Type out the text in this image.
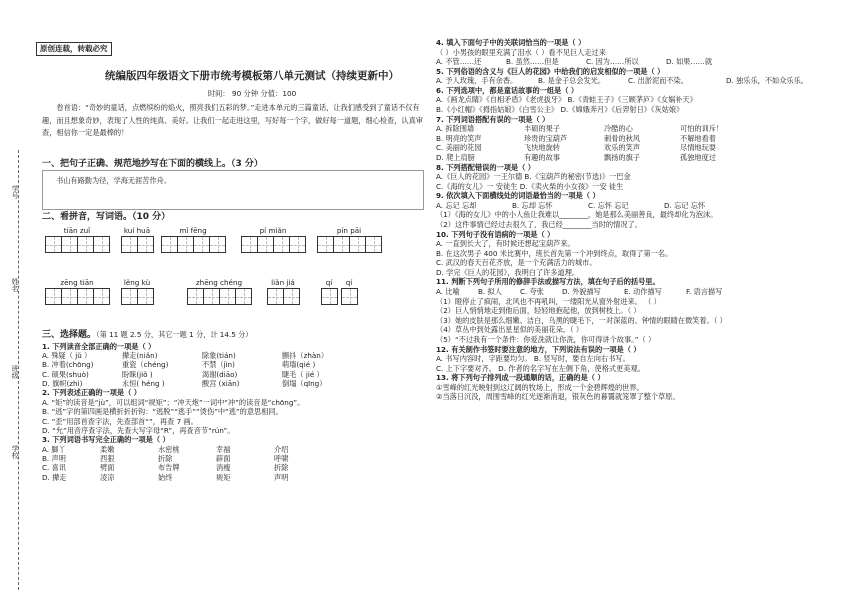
学号
姓名
班级
学校
原创连载，转载必究
统编版四年级语文下册市统考模板第八单元测试（持续更新中）
时间： 90 分钟 分值：100
卷首语：“奇妙的童话，点燃缤纷的焰火，照亮我们五彩的梦。”走进本单元的三篇童话，让我们感受到了童话不仅有趣，而且想象奇妙，表现了人性的纯真、美好。让我们一起走进这里，写好每一个字，做好每一道题，细心检查，认真审查，相信你一定是最棒的！
一、把句子正确、规范地抄写在下面的横线上。（3 分）
书山有路勤为径，学海无涯苦作舟。
二、看拼音，写词语。（10 分）
tiān zuǐ	kuí huā	mǐ fēng	pí miǎn	pín pāi
zēng tiān	lěng kù	zhēng chéng	liǎn jiá	qí	qí
三、选择题。（第 11 题 2.5 分，其它一题 1 分，计 14.5 分）
1. 下列读音全部正确的一项是（ ）
A. 殊疑（ jǔ ）	撵走(niǎn)	除象(tián)	颤抖（zhàn）
B. 冲着(chōng)	重瓷（chéng)	不禁（jìn)	萌墙(qié )
C. 硕果(shuò)	盼睐(jiǒ )	渴谢(diāo)	睫毛（ jié ）
D. 旗帜(zhì)	永恒( héng )	酸宫 (xiān)	倒塌（qīng）
2. 下列表述正确的一项是（ ）
A. “矩”的读音是“jù”，可以组词“规矩”；“冲天炮”一词中“冲”的读音是“chōng”。
B. “逃”字的第四画是横折折折钩：“逃脱”“逃手”“烫伤”中“逃”的意思相同。
C. “歪”用部首查字法，先查部首“”，再查 7 画。
D. “允”用音序查字法，先查大写字母“R”，再查音节“rún”。
3. 下列词语书写完全正确的一项是（ ）
A. 脚丫	柔嫩	水密桃	幸福	介绍
B. 声明	西狠	折除	辟面	呼啸
C. 喜讯	劈面	布告牌	消瘦	折除
D. 撵走	凌凉	始终	规矩	声明
4. 填入下面句子中的关联词恰当的一项是（ ）
（ ）小男孩的眼里充满了泪水（ ）看不见巨人走过来
A. 不管……还	B. 虽然……但是	C. 因为……所以	D. 如果……就
5. 下列俗语的含义与《巨人的花园》中给我们的启发相似的一项是（ ）
A. 予人玫瑰，手有余香。	B. 是金子总会发光。	C. 出淤泥而不染。	D. 独乐乐，不如众乐乐。
6. 下列选项中，都是童话故事的一组是（ ）
A.《画龙点睛》《自相矛盾》《老虎拔牙》 B.《青蛙王子》《三顾茅庐》《女娲补天》
B.《小红帽》《拇指姑娘》《白雪公主》 D.《嫦娥奔月》《后羿射日》《灰姑娘》
7. 下列词语搭配有误的一项是（ ）
A. 拆除围墙	丰硕的果子	冷酷的心	可怕的训斥！
B. 明亮的笑声	珍贵的宝葫芦	刺骨的秋风	不解地看着
C. 美丽的花园	飞快地旋转	欢乐的笑声	尽情地玩耍
D. 爬上肩膀	有趣的故事	飘扬的旗子	孤独地度过
8. 下列搭配错误的一项是（ ）
A.《巨人的花园》一王尔德 B.《宝葫芦的秘密(节选)》一巴金
C.《海的女儿》一 安徒生 D.《卖火柴的小女孩》一安 徒生
9. 依次填入下面横线处的词语最恰当的一项是（ ）
A. 忘记 忘却	B. 忘却 忘怀	C. 忘怀 忘记	D. 忘记 忘怀
（1）《海的女儿》中的小人鱼让我难以________，她是那么美丽善良，最终却化为泡沫。
（2）这件事情已经过去很久了，我已经________当时的情况了。
10. 下列句子没有语病的一项是（ ）
A. 一直到长大了，有时候还想起宝葫芦来。
B. 在这次男子 400 米比赛中，班长首先第一个冲到终点，取得了第一名。
C. 武汉的春天百花齐放，是一个充满活力的城市。
D. 学完《巨人的花园》，我明白了许多道理。
11. 判断下列句子所用的修辞手法或描写方法，填在句子后的括号里。
A. 比喻	B. 拟人	C. 夸张	D. 外貌描写	E. 动作描写	F. 语言描写
（1）瞪停止了疯闹，北风也不再吼叫，一缕阳光从窗外射进来。 （ ）
（2）巨人悄悄地走到他后面，轻轻地抱起他，放到树枝上。（ ）
（3）她的皮肤是那么细嫩、洁白，乌黑的睫毛下，一对深蓝的、钟情的眼睛在微笑着。（ ）
（4）草丛中到处露出星星似的美丽花朵。（ ）
（5）“不过我有一个条件：你爱洗就让你洗，你可得讲个故事。”（ ）
12. 有关制作书签时要注意的地方，下列说法有误的一项是（ ）
A. 书写内容时，字距要均匀。 B. 竖写时，要自左向右书写。
C. 上下字要对齐。 D. 作者的名字写在左侧下角，使格式更美观。
13. 将下列句子排列成一段通顺的话，正确的是（ ）
①雪峰的红光映射到这辽阔的牧场上，形成一个金碧辉煌的世界。
②当落日沉没，周围雪峰的红光逐渐消退，银灰色的暮霭就笼罩了整个草原。
